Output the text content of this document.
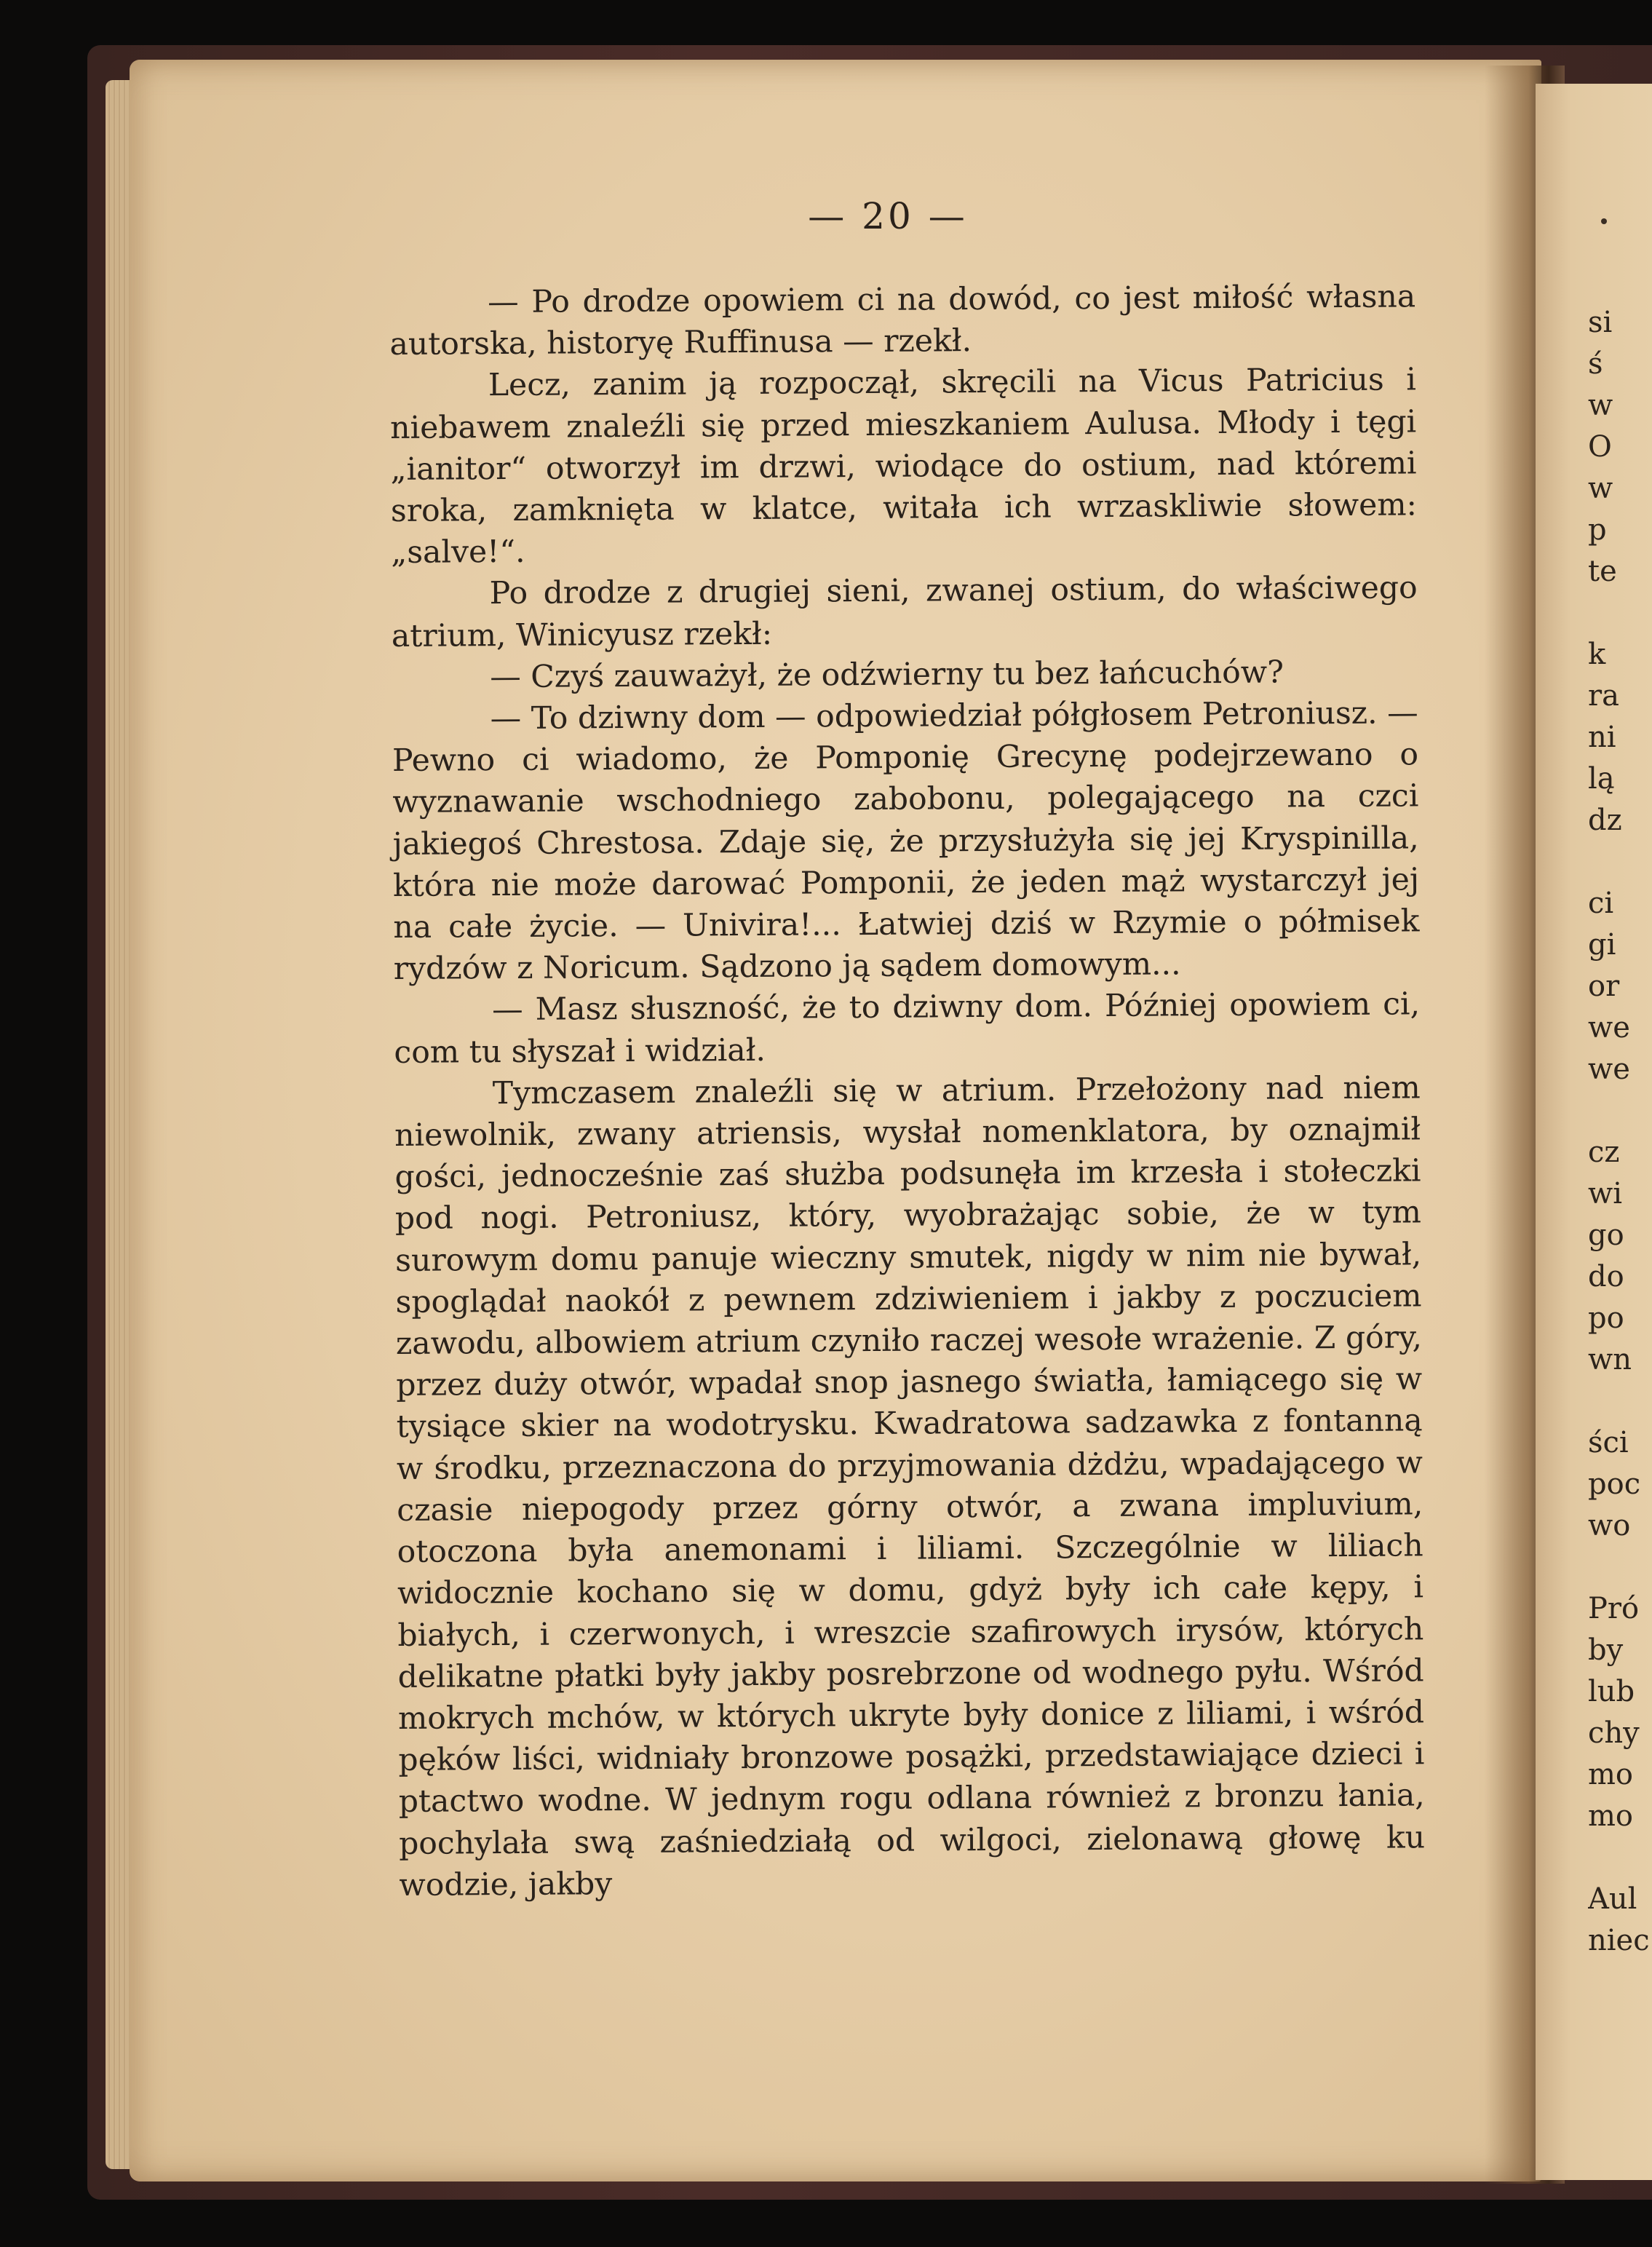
— 20 —

— Po drodze opowiem ci na dowód, co jest miłość własna autorska, historyę Ruffinusa — rzekł.

Lecz, zanim ją rozpoczął, skręcili na Vicus Patricius i niebawem znaleźli się przed mieszkaniem Aulusa. Młody i tęgi „ianitor“ otworzył im drzwi, wiodące do ostium, nad któremi sroka, zamknięta w klatce, witała ich wrzaskliwie słowem: „salve!“.

Po drodze z drugiej sieni, zwanej ostium, do właściwego atrium, Winicyusz rzekł:

— Czyś zauważył, że odźwierny tu bez łańcuchów?

— To dziwny dom — odpowiedział półgłosem Petroniusz. — Pewno ci wiadomo, że Pomponię Grecynę podejrzewano o wyznawanie wschodniego zabobonu, polegającego na czci jakiegoś Chrestosa. Zdaje się, że przysłużyła się jej Kryspinilla, która nie może darować Pomponii, że jeden mąż wystarczył jej na całe życie. — Univira!... Łatwiej dziś w Rzymie o półmisek rydzów z Noricum. Sądzono ją sądem domowym...

— Masz słuszność, że to dziwny dom. Później opowiem ci, com tu słyszał i widział.

Tymczasem znaleźli się w atrium. Przełożony nad niem niewolnik, zwany atriensis, wysłał nomenklatora, by oznajmił gości, jednocześnie zaś służba podsunęła im krzesła i stołeczki pod nogi. Petroniusz, który, wyobrażając sobie, że w tym surowym domu panuje wieczny smutek, nigdy w nim nie bywał, spoglądał naokół z pewnem zdziwieniem i jakby z poczuciem zawodu, albowiem atrium czyniło raczej wesołe wrażenie. Z góry, przez duży otwór, wpadał snop jasnego światła, łamiącego się w tysiące skier na wodotrysku. Kwadratowa sadzawka z fontanną w środku, przeznaczona do przyjmowania dżdżu, wpadającego w czasie niepogody przez górny otwór, a zwana impluvium, otoczona była anemonami i liliami. Szczególnie w liliach widocznie kochano się w domu, gdyż były ich całe kępy, i białych, i czerwonych, i wreszcie szafirowych irysów, których delikatne płatki były jakby posrebrzone od wodnego pyłu. Wśród mokrych mchów, w których ukryte były donice z liliami, i wśród pęków liści, widniały bronzowe posążki, przedstawiające dzieci i ptactwo wodne. W jednym rogu odlana również z bronzu łania, pochylała swą zaśniedziałą od wilgoci, zielonawą głowę ku wodzie, jakby

si
ś
w
O
w
p
te
k
ra
ni
lą
dz
ci
gi
or
we
we
cz
wi
go
do
po
wn
ści
poc
wo
Pró
by
lub
chy
mo
mo
Aul
niec
